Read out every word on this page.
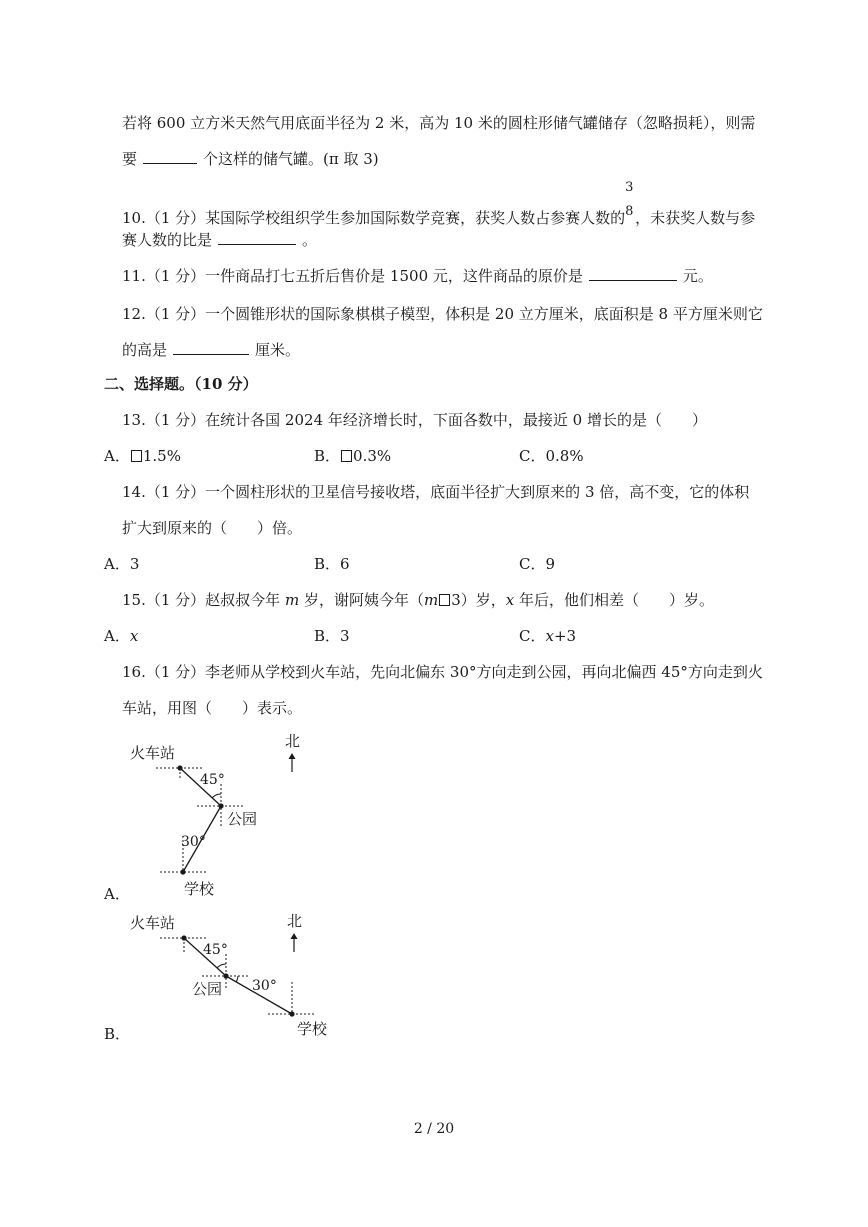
若将 600 立方米天然气用底面半径为 2 米，高为 10 米的圆柱形储气罐储存（忽略损耗），则需
要	个这样的储气罐。(π 取 3)
10.（1 分）某国际学校组织学生参加国际数学竞赛，获奖人数占参赛人数的
3
8 ，未获奖人数与参
赛人数的比是	。
11.（1 分）一件商品打七五折后售价是 1500 元，这件商品的原价是	元。
12.（1 分）一个圆锥形状的国际象棋棋子模型，体积是 20 立方厘米，底面积是 8 平方厘米则它
的高是	厘米。
二、选择题。（10 分）
13.（1 分）在统计各国 2024 年经济增长时，下面各数中，最接近 0 增长的是（　　）
A． 1.5%	B． 0.3%	C．0.8%
14.（1 分）一个圆柱形状的卫星信号接收塔，底面半径扩大到原来的 3 倍，高不变，它的体积
扩大到原来的（　　）倍。
A．3	B．6	C．9
15.（1 分）赵叔叔今年 m 岁，谢阿姨今年（m 3）岁，x 年后，他们相差（　　）岁。
A．x	B．3	C．x+3
16.（1 分）李老师从学校到火车站，先向北偏东 30°方向走到公园，再向北偏西 45°方向走到火
车站，用图（　　）表示。
火车站
北
45°
公园
30°
学校
A．
火车站	北
45°
公园 30°
学校
B．
2 / 20
